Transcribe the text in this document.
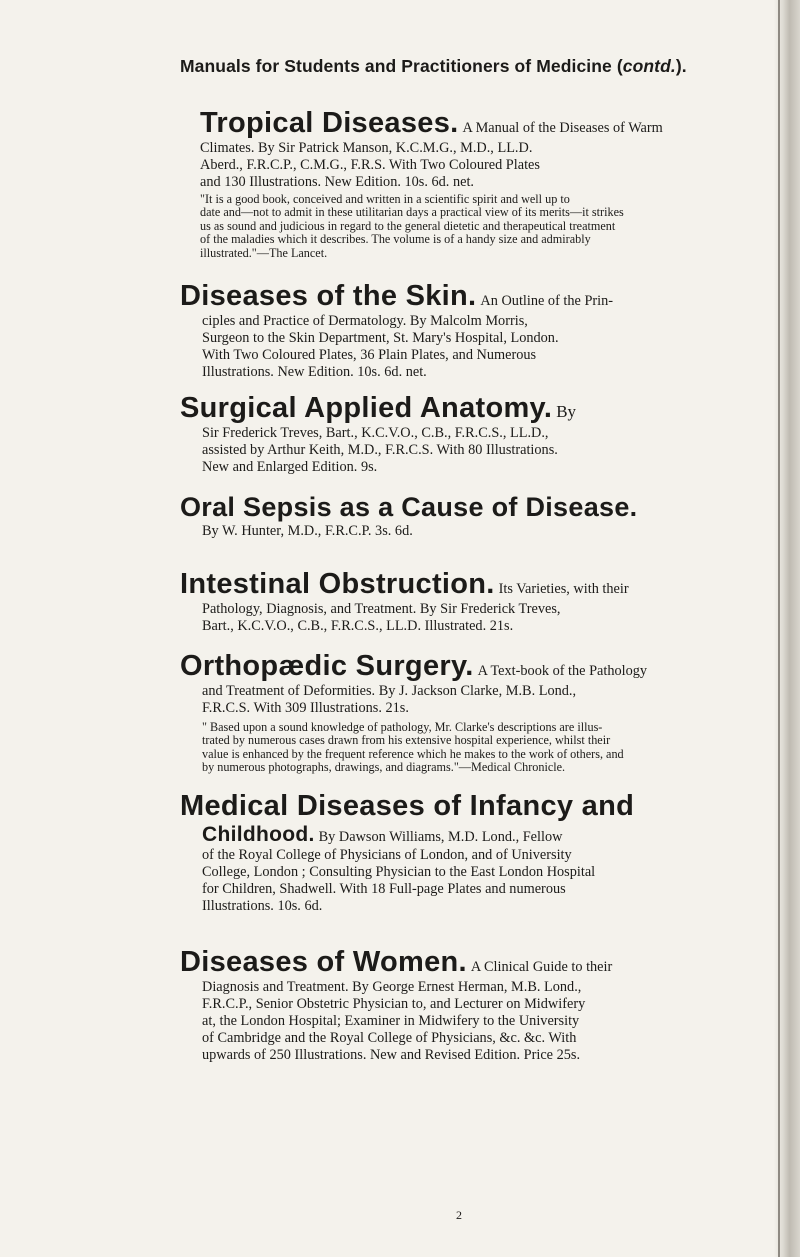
Manuals for Students and Practitioners of Medicine (contd.).
Tropical Diseases. A Manual of the Diseases of Warm
Climates. By Sir Patrick Manson, K.C.M.G., M.D., LL.D.
Aberd., F.R.C.P., C.M.G., F.R.S. With Two Coloured Plates
and 130 Illustrations. New Edition. 10s. 6d. net.
"It is a good book, conceived and written in a scientific spirit and well up to
date and—not to admit in these utilitarian days a practical view of its merits—it strikes
us as sound and judicious in regard to the general dietetic and therapeutical treatment
of the maladies which it describes. The volume is of a handy size and admirably
illustrated."—The Lancet.
Diseases of the Skin. An Outline of the Prin-
ciples and Practice of Dermatology. By Malcolm Morris,
Surgeon to the Skin Department, St. Mary's Hospital, London.
With Two Coloured Plates, 36 Plain Plates, and Numerous
Illustrations. New Edition. 10s. 6d. net.
Surgical Applied Anatomy. By
Sir Frederick Treves, Bart., K.C.V.O., C.B., F.R.C.S., LL.D.,
assisted by Arthur Keith, M.D., F.R.C.S. With 80 Illustrations.
New and Enlarged Edition. 9s.
Oral Sepsis as a Cause of Disease.
By W. Hunter, M.D., F.R.C.P. 3s. 6d.
Intestinal Obstruction. Its Varieties, with their
Pathology, Diagnosis, and Treatment. By Sir Frederick Treves,
Bart., K.C.V.O., C.B., F.R.C.S., LL.D. Illustrated. 21s.
Orthopædic Surgery. A Text-book of the Pathology
and Treatment of Deformities. By J. Jackson Clarke, M.B. Lond.,
F.R.C.S. With 309 Illustrations. 21s.
" Based upon a sound knowledge of pathology, Mr. Clarke's descriptions are illus-
trated by numerous cases drawn from his extensive hospital experience, whilst their
value is enhanced by the frequent reference which he makes to the work of others, and
by numerous photographs, drawings, and diagrams."—Medical Chronicle.
Medical Diseases of Infancy and
Childhood. By Dawson Williams, M.D. Lond., Fellow
of the Royal College of Physicians of London, and of University
College, London ; Consulting Physician to the East London Hospital
for Children, Shadwell. With 18 Full-page Plates and numerous
Illustrations. 10s. 6d.
Diseases of Women. A Clinical Guide to their
Diagnosis and Treatment. By George Ernest Herman, M.B. Lond.,
F.R.C.P., Senior Obstetric Physician to, and Lecturer on Midwifery
at, the London Hospital; Examiner in Midwifery to the University
of Cambridge and the Royal College of Physicians, &c. &c. With
upwards of 250 Illustrations. New and Revised Edition. Price 25s.
2
